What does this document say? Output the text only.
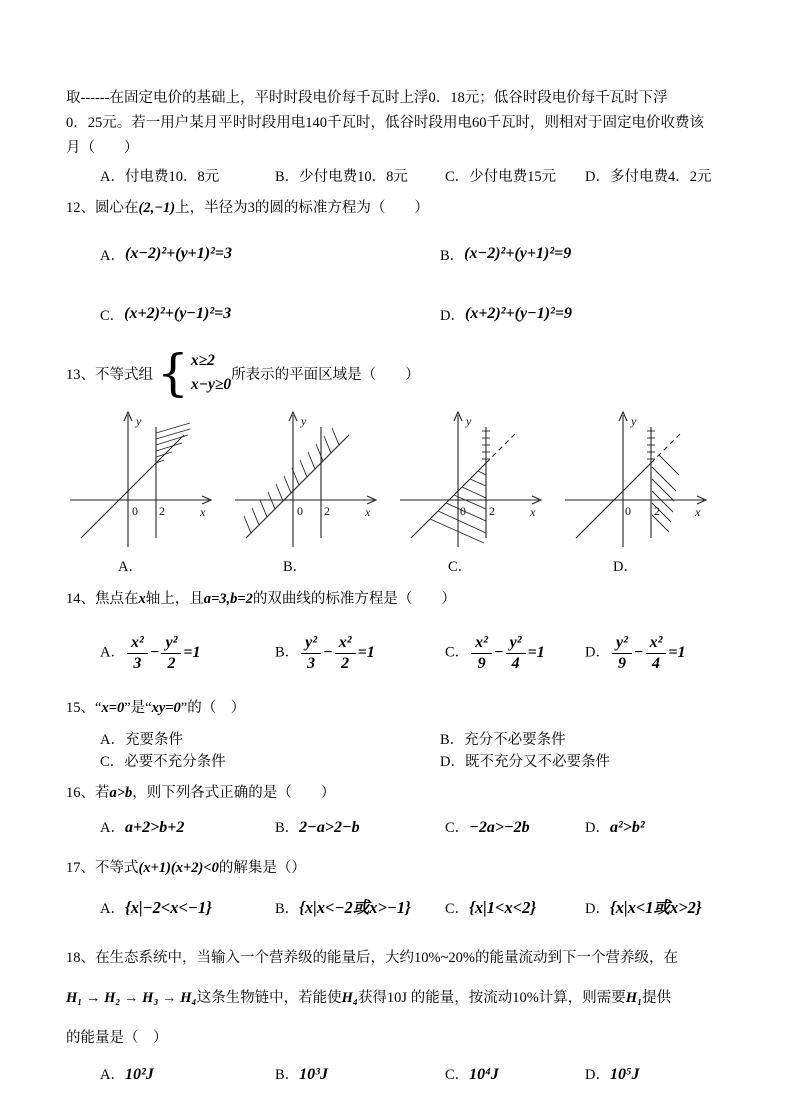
取------在固定电价的基础上，平时时段电价每千瓦时上浮0．18元；低谷时段电价每千瓦时下浮
0．25元。若一用户某月平时时段用电140千瓦时，低谷时段用电60千瓦时，则相对于固定电价收费该
月（　　）
A．付电费10．8元	B．少付电费10．8元	C．少付电费15元	D．多付电费4．2元
12、圆心在(2,−1)上，半径为3的圆的标准方程为（　　）
A． (x−2)²+(y+1)²=3	B． (x−2)²+(y+1)²=9
C． (x+2)²+(y−1)²=3	D． (x+2)²+(y−1)²=9
13、不等式组 { x≥2
x−y≥0
所表示的平面区域是（　　）
0
y
x
2
A．
0
y
x
2
B．
0
y
x
2
C．
0
y
x
2
D．
14、焦点在x轴上，且a=3,b=2的双曲线的标准方程是（　　）
A． $\frac{\text{x²}}{3} - \frac{\text{y²}}{2} =1$	B． $\frac{\text{y²}}{3} - \frac{\text{x²}}{2} =1$	C． $\frac{\text{x²}}{9} - \frac{\text{y²}}{4} =1$	D． $\frac{\text{y²}}{9} - \frac{\text{x²}}{4} =1$
15、“x=0”是“xy=0”的（　）
A．充要条件	B．充分不必要条件
C．必要不充分条件	D．既不充分又不必要条件
16、若a>b，则下列各式正确的是（　　）
A．a+2>b+2	B．2−a>2−b	C．−2a>−2b	D．a²>b²
17、不等式(x+1)(x+2)<0的解集是（）
A．{x|−2<x<−1}	B．{x|x<−2或x>−1}	C．{x|1<x<2}	D．{x|x<1或x>2}
18、在生态系统中，当输入一个营养级的能量后，大约10%~20%的能量流动到下一个营养级，在
H₁ → H₂ → H₃ → H₄这条生物链中，若能使H₄获得10J 的能量，按流动10%计算，则需要H₁提供
的能量是（　）
A．10²J	B．10³J	C．10⁴J	D．10⁵J
